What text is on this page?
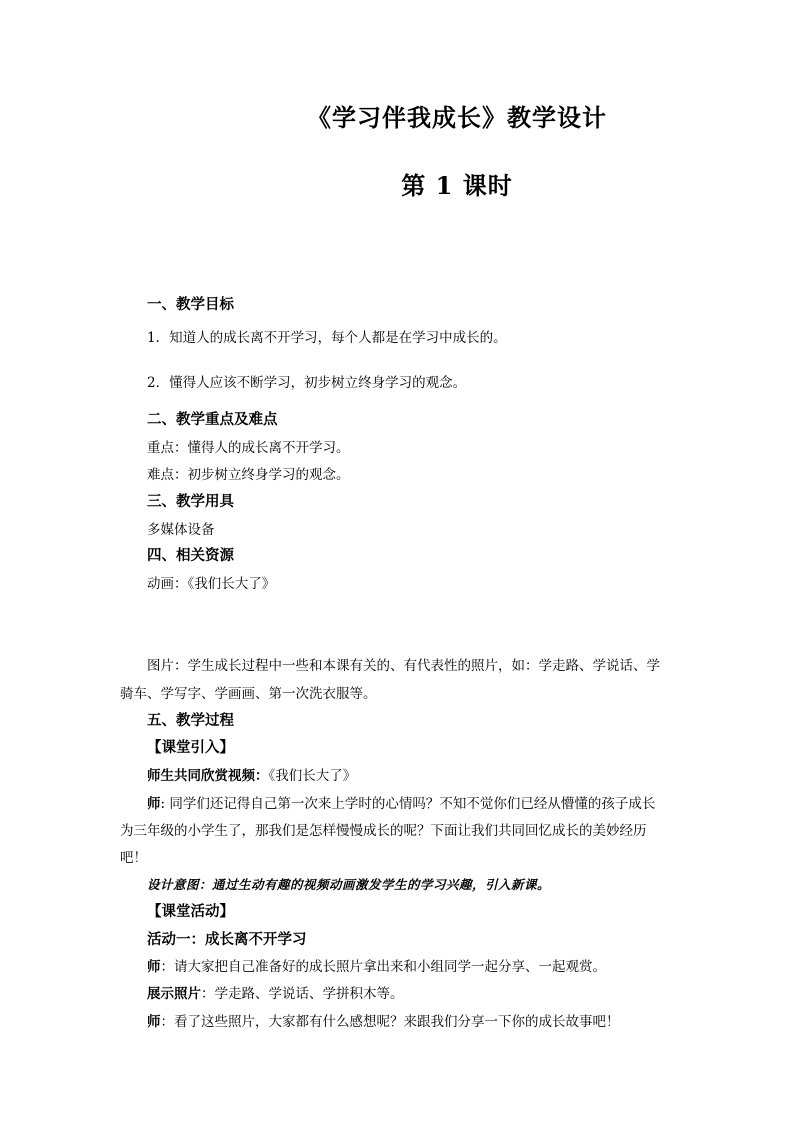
《学习伴我成长》教学设计
第 1 课时
一、教学目标
1．知道人的成长离不开学习，每个人都是在学习中成长的。
2．懂得人应该不断学习，初步树立终身学习的观念。
二、教学重点及难点
重点：懂得人的成长离不开学习。
难点：初步树立终身学习的观念。
三、教学用具
多媒体设备
四、相关资源
动画：《我们长大了》
图片：学生成长过程中一些和本课有关的、有代表性的照片，如：学走路、学说话、学
骑车、学写字、学画画、第一次洗衣服等。
五、教学过程
【课堂引入】
师生共同欣赏视频：《我们长大了》
师: 同学们还记得自己第一次来上学时的心情吗？不知不觉你们已经从懵懂的孩子成长
为三年级的小学生了，那我们是怎样慢慢成长的呢？下面让我们共同回忆成长的美妙经历
吧！
设计意图：通过生动有趣的视频动画激发学生的学习兴趣，引入新课。
【课堂活动】
活动一：成长离不开学习
师：请大家把自己准备好的成长照片拿出来和小组同学一起分享、一起观赏。
展示照片：学走路、学说话、学拼积木等。
师：看了这些照片，大家都有什么感想呢？来跟我们分享一下你的成长故事吧！
